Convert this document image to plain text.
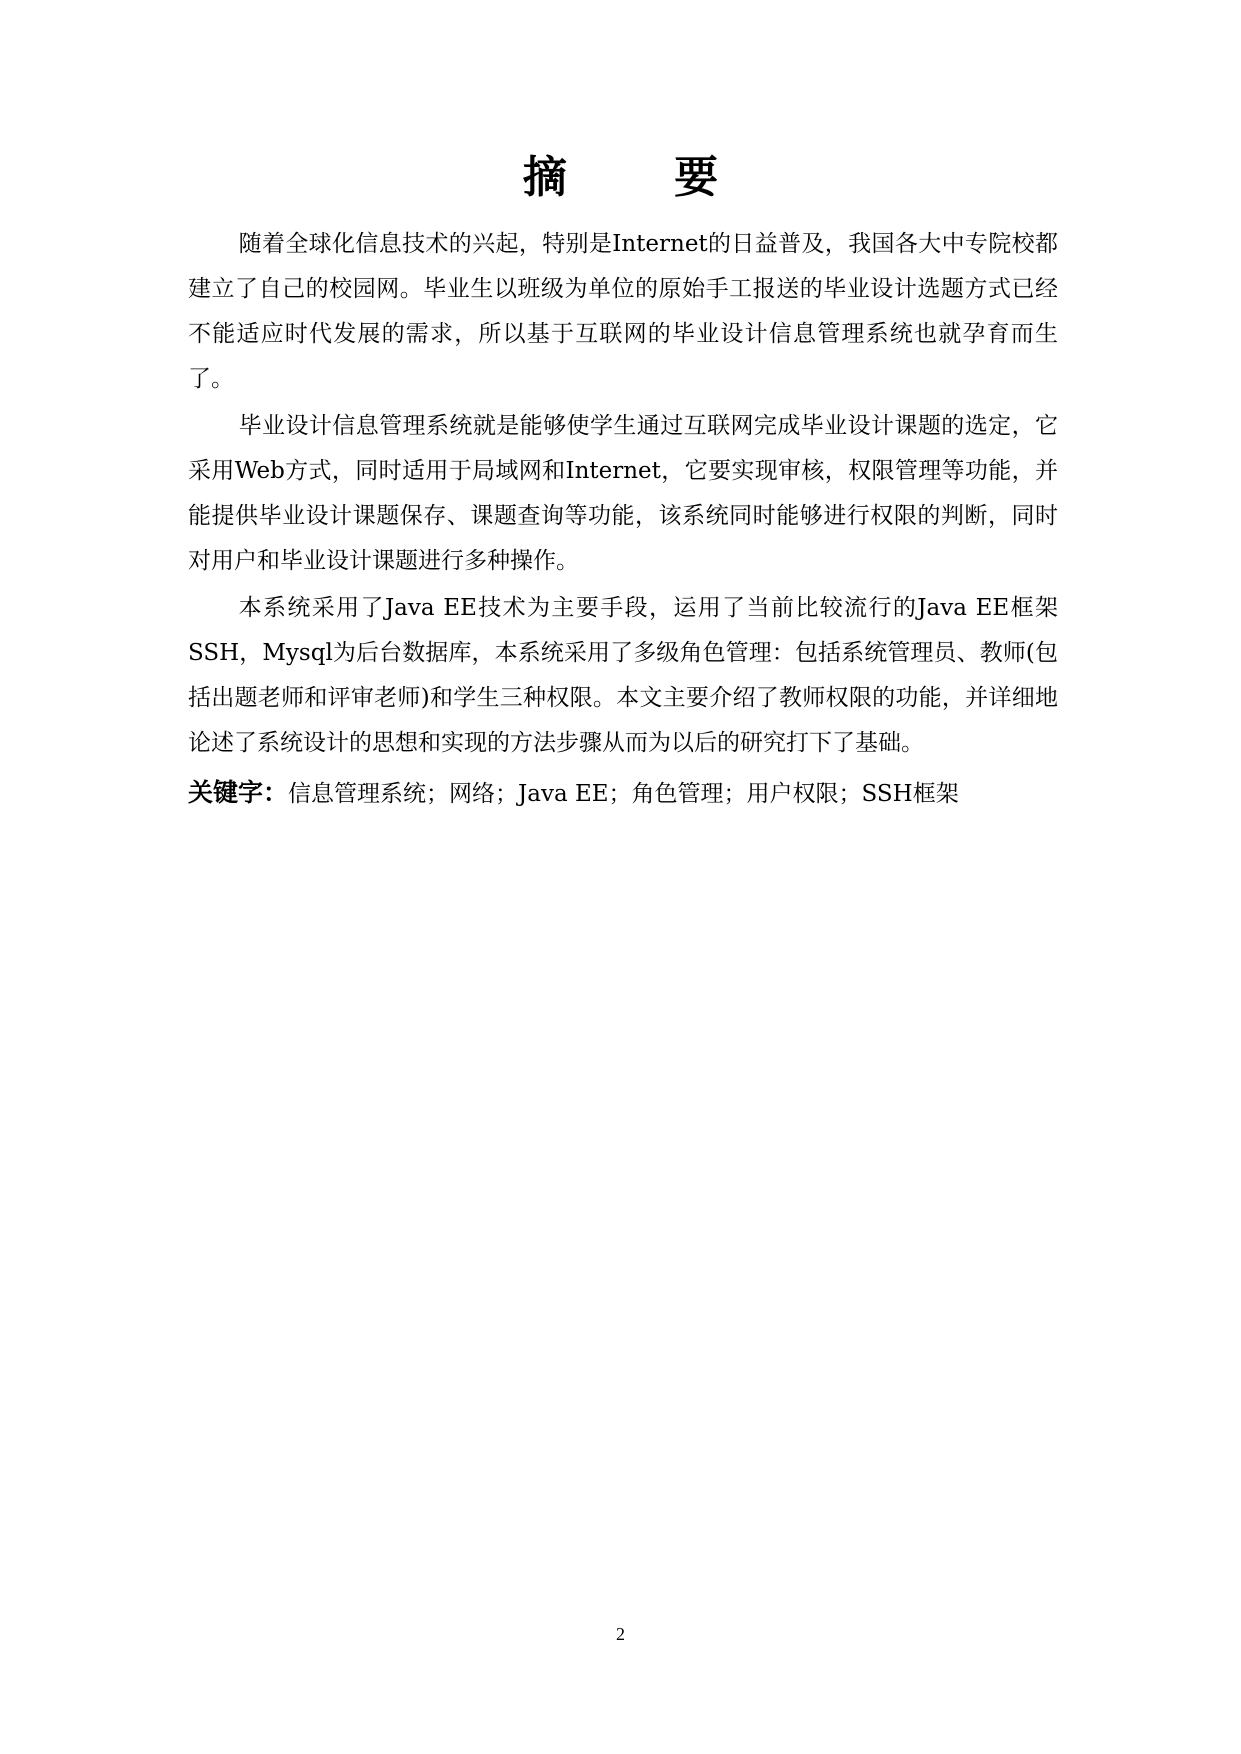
摘 要

随着全球化信息技术的兴起，特别是Internet的日益普及，我国各大中专院校都建立了自己的校园网。毕业生以班级为单位的原始手工报送的毕业设计选题方式已经不能适应时代发展的需求，所以基于互联网的毕业设计信息管理系统也就孕育而生了。

毕业设计信息管理系统就是能够使学生通过互联网完成毕业设计课题的选定，它采用Web方式，同时适用于局域网和Internet，它要实现审核，权限管理等功能，并能提供毕业设计课题保存、课题查询等功能，该系统同时能够进行权限的判断，同时对用户和毕业设计课题进行多种操作。

本系统采用了Java EE技术为主要手段，运用了当前比较流行的Java EE框架SSH，Mysql为后台数据库，本系统采用了多级角色管理：包括系统管理员、教师(包括出题老师和评审老师)和学生三种权限。本文主要介绍了教师权限的功能，并详细地论述了系统设计的思想和实现的方法步骤从而为以后的研究打下了基础。

关键字：信息管理系统；网络；Java EE；角色管理；用户权限；SSH框架

2
